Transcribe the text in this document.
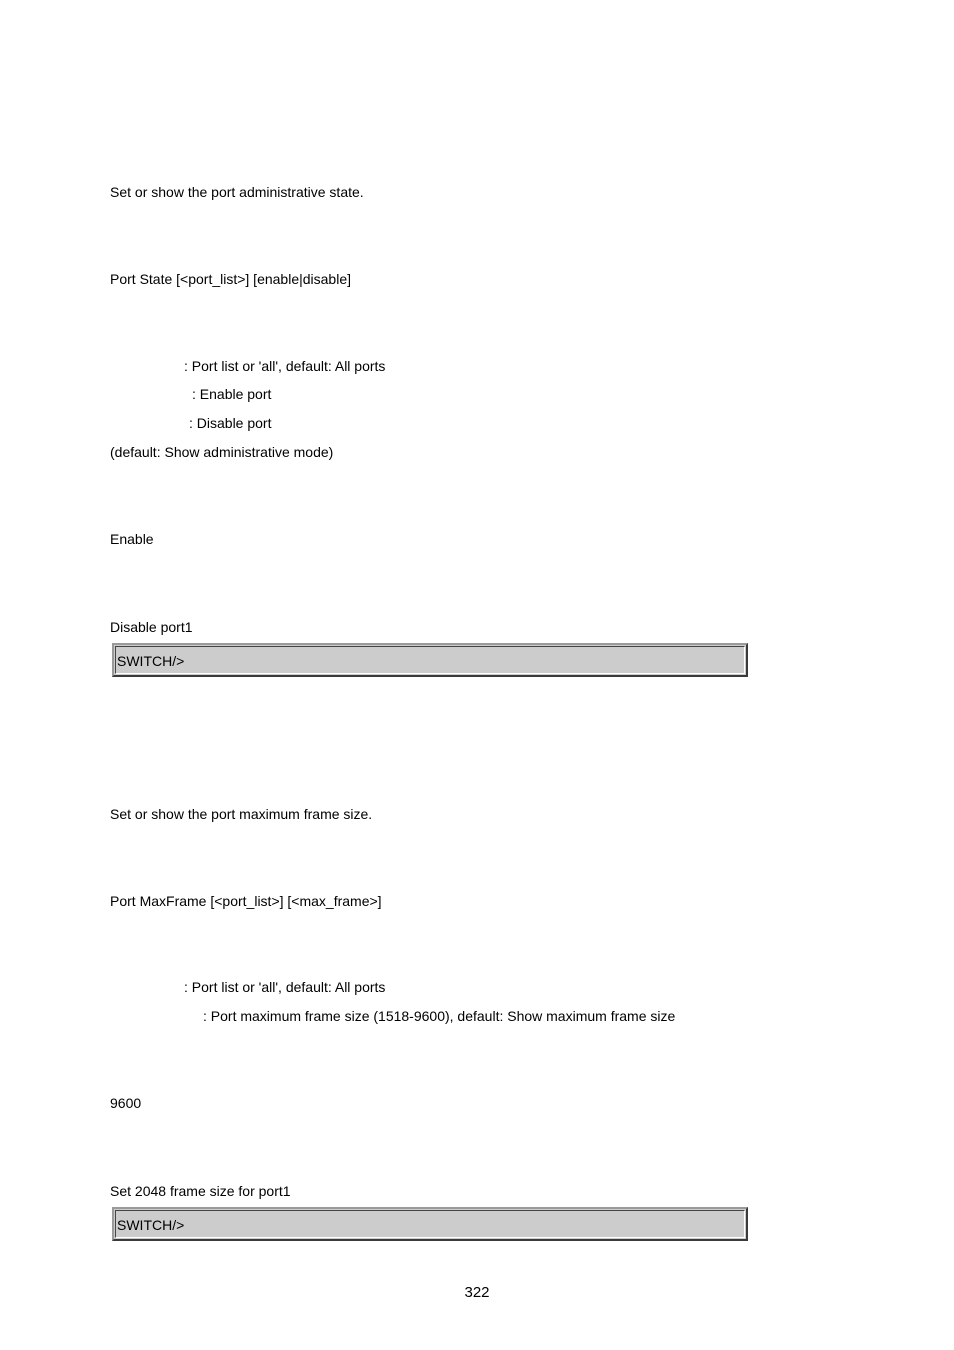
Set or show the port administrative state.
Port State [<port_list>] [enable|disable]
: Port list or 'all', default: All ports
: Enable port
: Disable port
(default: Show administrative mode)
Enable
Disable port1
SWITCH/>
Set or show the port maximum frame size.
Port MaxFrame [<port_list>] [<max_frame>]
: Port list or 'all', default: All ports
: Port maximum frame size (1518-9600), default: Show maximum frame size
9600
Set 2048 frame size for port1
SWITCH/>
322
